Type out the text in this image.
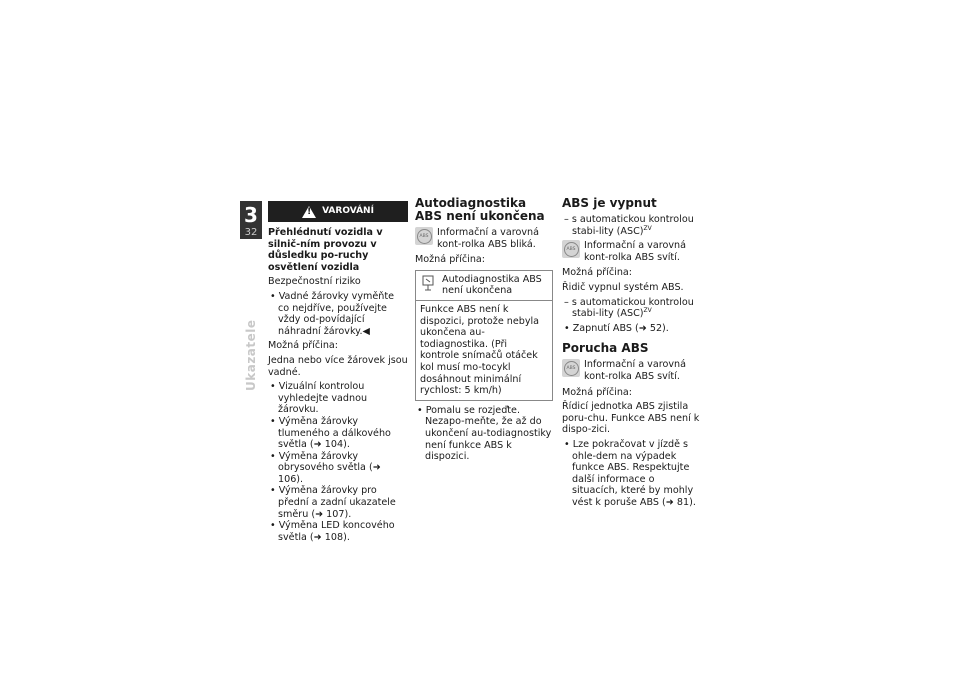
3
32
Ukazatele
!
VAROVÁNÍ

Přehlédnutí vozidla v silnič-ním provozu v důsledku po-ruchy osvětlení vozidla

Bezpečnostní riziko

• Vadné žárovky vyměňte co nejdříve, používejte vždy od-povídající náhradní žárovky.◀

Možná příčina:

Jedna nebo více žárovek jsou vadné.

• Vizuální kontrolou vyhledejte vadnou žárovku.
• Výměna žárovky tlumeného a dálkového světla (➜ 104).
• Výměna žárovky obrysového světla (➜ 106).
• Výměna žárovky pro přední a zadní ukazatele směru (➜ 107).
• Výměna LED koncového světla (➜ 108).

Autodiagnostika ABS není ukončena

ABS Informační a varovná kont-rolka ABS bliká.

Možná příčina:

Autodiagnostika ABS není ukončena
Funkce ABS není k dispozici, protože nebyla ukončena au-todiagnostika. (Při kontrole snímačů otáček kol musí mo-tocykl dosáhnout minimální rychlost: 5 km/h)
• Pomalu se rozjeďte. Nezapo-meňte, že až do ukončení au-todiagnostiky není funkce ABS k dispozici.

ABS je vypnut

– s automatickou kontrolou stabi-lity (ASC)$^{ZV}$
ABS Informační a varovná kont-rolka ABS svítí.

Možná příčina:

Řidič vypnul systém ABS.

– s automatickou kontrolou stabi-lity (ASC)$^{ZV}$
• Zapnutí ABS (➜ 52).

Porucha ABS

ABS Informační a varovná kont-rolka ABS svítí.

Možná příčina:

Řídicí jednotka ABS zjistila poru-chu. Funkce ABS není k dispo-zici.

• Lze pokračovat v jízdě s ohle-dem na výpadek funkce ABS. Respektujte další informace o situacích, které by mohly vést k poruše ABS (➜ 81).
